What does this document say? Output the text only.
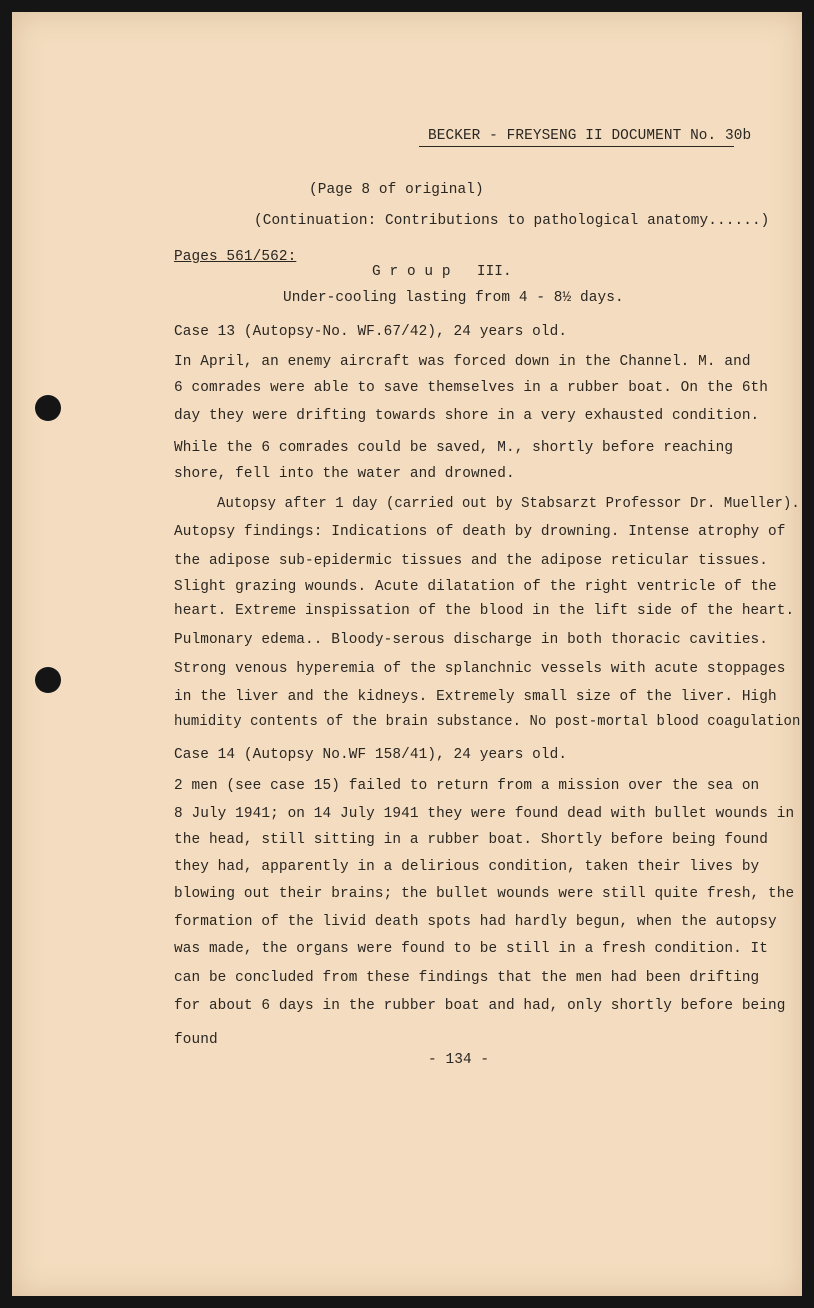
BECKER - FREYSENG II DOCUMENT No. 30b
(Page 8 of original)
(Continuation: Contributions to pathological anatomy......)
Pages 561/562:
G r o u p   III.
Under-cooling lasting from 4 - 8½ days.
Case 13 (Autopsy-No. WF.67/42), 24 years old.
In April, an enemy aircraft was forced down in the Channel. M. and
6 comrades were able to save themselves in a rubber boat. On the 6th
day they were drifting towards shore in a very exhausted condition.
While the 6 comrades could be saved, M., shortly before reaching
shore, fell into the water and drowned.
Autopsy after 1 day (carried out by Stabsarzt Professor Dr. Mueller).
Autopsy findings: Indications of death by drowning. Intense atrophy of
the adipose sub-epidermic tissues and the adipose reticular tissues.
Slight grazing wounds. Acute dilatation of the right ventricle of the
heart. Extreme inspissation of the blood in the lift side of the heart.
Pulmonary edema.. Bloody-serous discharge in both thoracic cavities.
Strong venous hyperemia of the splanchnic vessels with acute stoppages
in the liver and the kidneys. Extremely small size of the liver. High
humidity contents of the brain substance. No post-mortal blood coagulation
Case 14 (Autopsy No.WF 158/41), 24 years old.
2 men (see case 15) failed to return from a mission over the sea on
8 July 1941; on 14 July 1941 they were found dead with bullet wounds in
the head, still sitting in a rubber boat. Shortly before being found
they had, apparently in a delirious condition, taken their lives by
blowing out their brains; the bullet wounds were still quite fresh, the
formation of the livid death spots had hardly begun, when the autopsy
was made, the organs were found to be still in a fresh condition. It
can be concluded from these findings that the men had been drifting
for about 6 days in the rubber boat and had, only shortly before being
found
- 134 -
